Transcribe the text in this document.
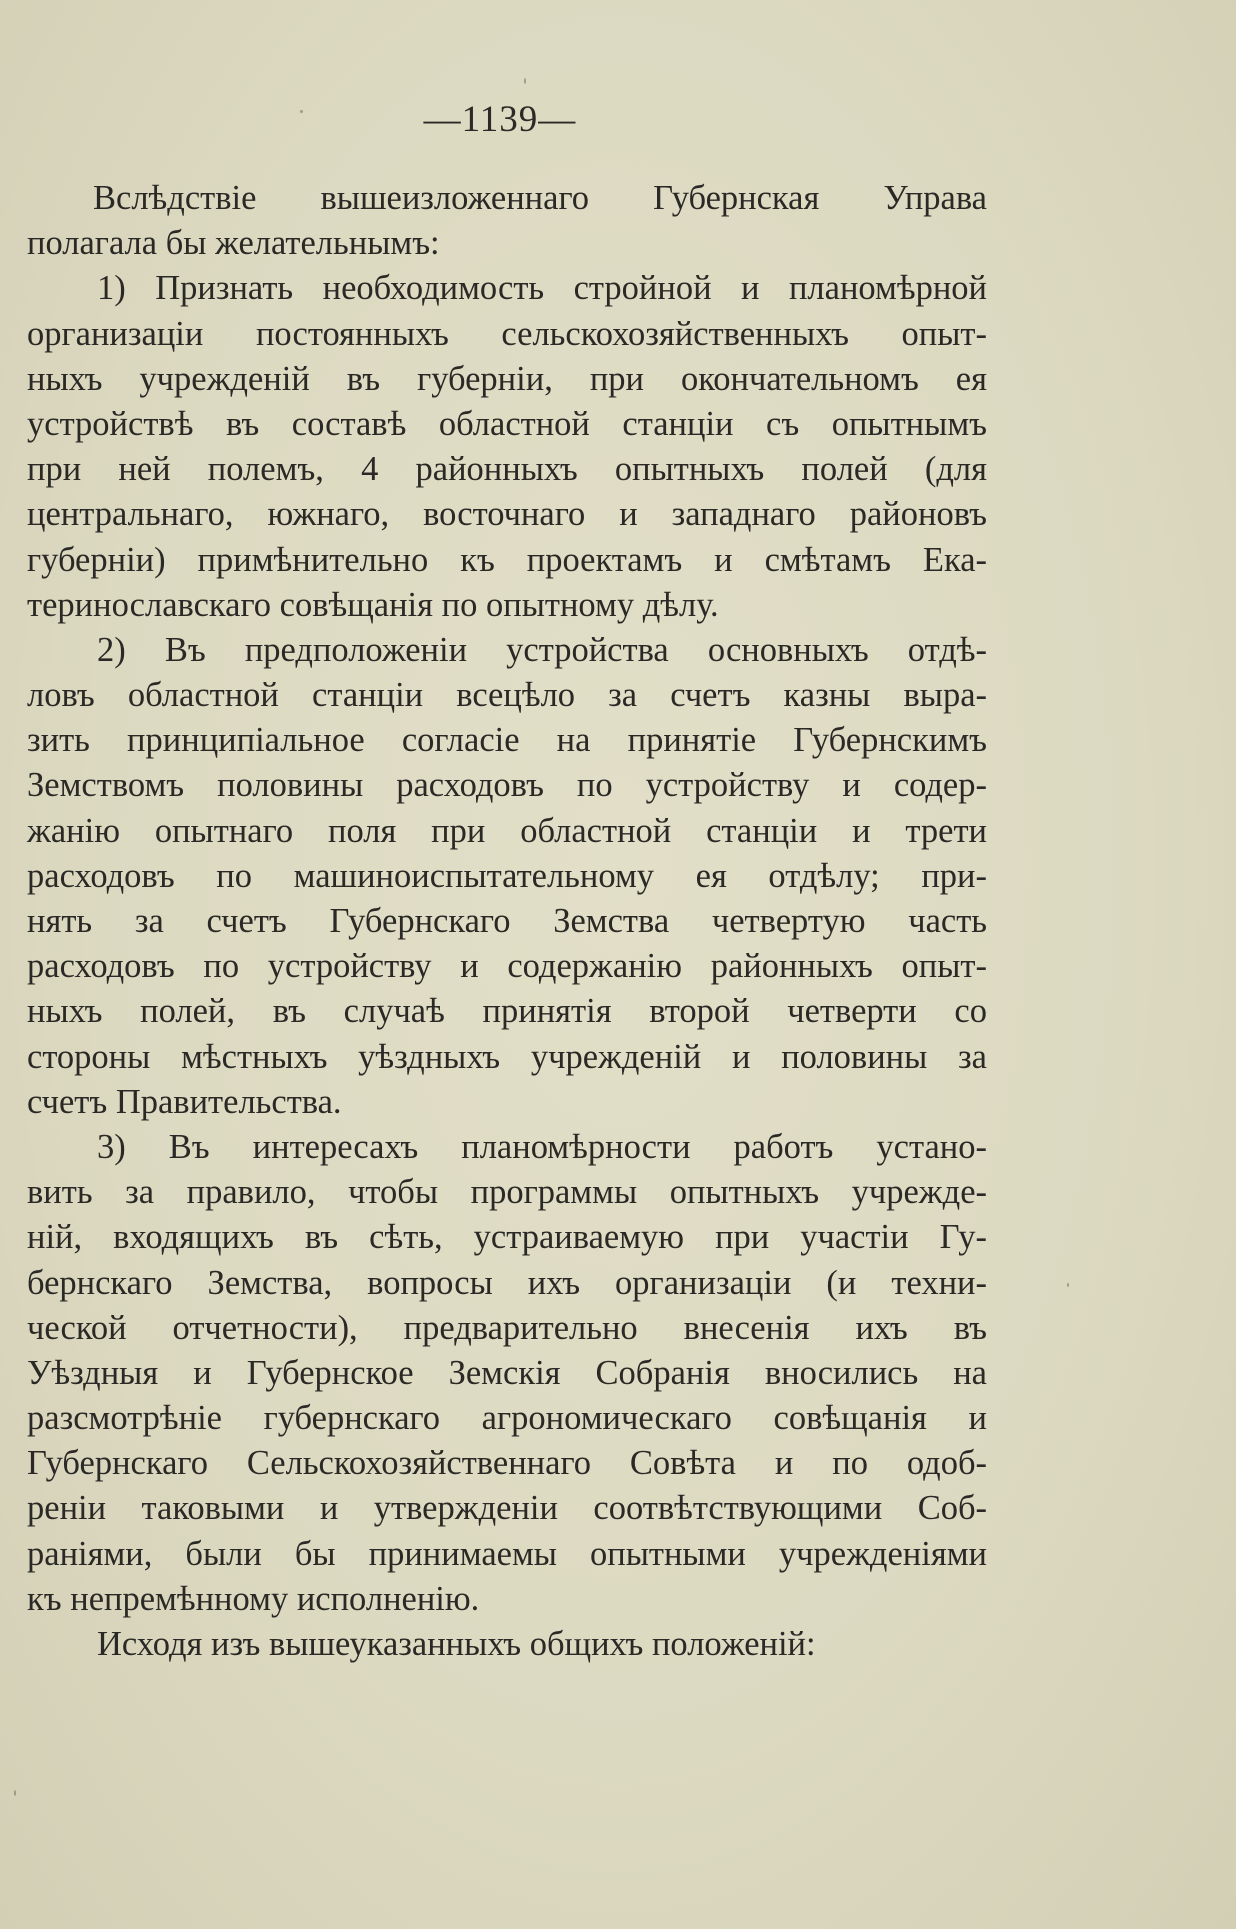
—1139—
Вслѣдствіе вышеизложеннаго Губернская Управа
полагала бы желательнымъ:
1) Признать необходимость стройной и планомѣрной
организаціи постоянныхъ сельскохозяйственныхъ опыт-
ныхъ учрежденій въ губерніи, при окончательномъ ея
устройствѣ въ составѣ областной станціи съ опытнымъ
при ней полемъ, 4 районныхъ опытныхъ полей (для
центральнаго, южнаго, восточнаго и западнаго районовъ
губерніи) примѣнительно къ проектамъ и смѣтамъ Ека-
теринославскаго совѣщанія по опытному дѣлу.
2) Въ предположеніи устройства основныхъ отдѣ-
ловъ областной станціи всецѣло за счетъ казны выра-
зить принципіальное согласіе на принятіе Губернскимъ
Земствомъ половины расходовъ по устройству и содер-
жанію опытнаго поля при областной станціи и трети
расходовъ по машиноиспытательному ея отдѣлу; при-
нять за счетъ Губернскаго Земства четвертую часть
расходовъ по устройству и содержанію районныхъ опыт-
ныхъ полей, въ случаѣ принятія второй четверти со
стороны мѣстныхъ уѣздныхъ учрежденій и половины за
счетъ Правительства.
3) Въ интересахъ планомѣрности работъ устано-
вить за правило, чтобы программы опытныхъ учрежде-
ній, входящихъ въ сѣть, устраиваемую при участіи Гу-
бернскаго Земства, вопросы ихъ организаціи (и техни-
ческой отчетности), предварительно внесенія ихъ въ
Уѣздныя и Губернское Земскія Собранія вносились на
разсмотрѣніе губернскаго агрономическаго совѣщанія и
Губернскаго Сельскохозяйственнаго Совѣта и по одоб-
реніи таковыми и утвержденіи соотвѣтствующими Соб-
раніями, были бы принимаемы опытными учрежденіями
къ непремѣнному исполненію.
Исходя изъ вышеуказанныхъ общихъ положеній:
